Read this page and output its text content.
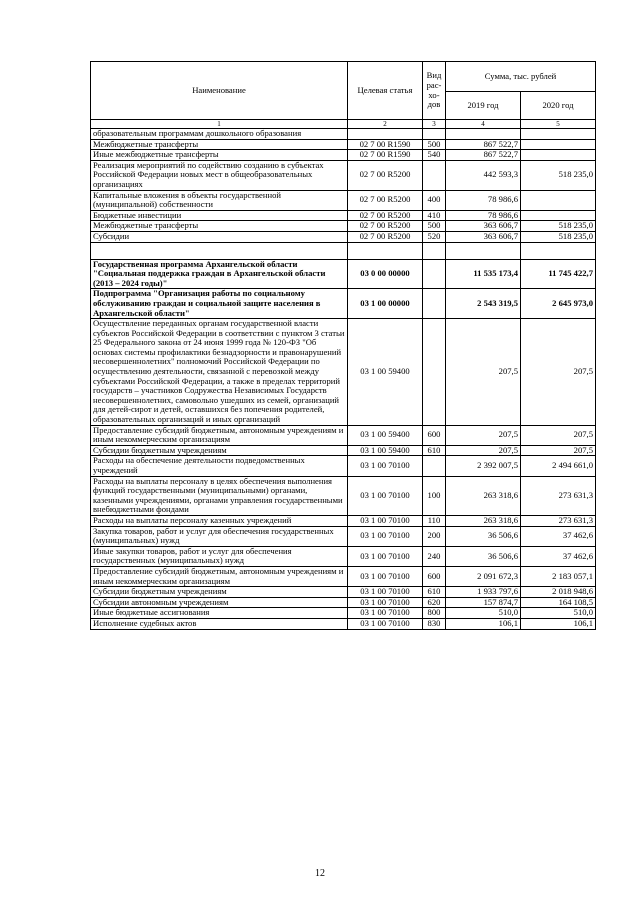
Наименование	Целевая статья	Вид рас-хо-дов	Сумма, тыс. рублей	
			2019 год	2020 год
1	2	3	4	5
образовательным программам дошкольного образования				
Межбюджетные трансферты	02 7 00 R1590	500	867 522,7	
Иные межбюджетные трансферты	02 7 00 R1590	540	867 522,7	
Реализация мероприятий по содействию созданию в субъектах Российской Федерации новых мест в общеобразовательных организациях	02 7 00 R5200		442 593,3	518 235,0
Капитальные вложения в объекты государственной (муниципальной) собственности	02 7 00 R5200	400	78 986,6	
Бюджетные инвестиции	02 7 00 R5200	410	78 986,6	
Межбюджетные трансферты	02 7 00 R5200	500	363 606,7	518 235,0
Субсидии	02 7 00 R5200	520	363 606,7	518 235,0

Государственная программа Архангельской области "Социальная поддержка граждан в Архангельской области (2013 – 2024 годы)"	03 0 00 00000		11 535 173,4	11 745 422,7
Подпрограмма "Организация работы по социальному обслуживанию граждан и социальной защите населения в Архангельской области"	03 1 00 00000		2 543 319,5	2 645 973,0
Осуществление переданных органам государственной власти субъектов Российской Федерации в соответствии с пунктом 3 статьи 25 Федерального закона от 24 июня 1999 года № 120-ФЗ "Об основах системы профилактики безнадзорности и правонарушений несовершеннолетних" полномочий Российской Федерации по осуществлению деятельности, связанной с перевозкой между субъектами Российской Федерации, а также в пределах территорий государств – участников Содружества Независимых Государств несовершеннолетних, самовольно ушедших из семей, организаций для детей-сирот и детей, оставшихся без попечения родителей, образовательных организаций и иных организаций	03 1 00 59400		207,5	207,5
Предоставление субсидий бюджетным, автономным учреждениям и иным некоммерческим организациям	03 1 00 59400	600	207,5	207,5
Субсидии бюджетным учреждениям	03 1 00 59400	610	207,5	207,5
Расходы на обеспечение деятельности подведомственных учреждений	03 1 00 70100		2 392 007,5	2 494 661,0
Расходы на выплаты персоналу в целях обеспечения выполнения функций государственными (муниципальными) органами, казенными учреждениями, органами управления государственными внебюджетными фондами	03 1 00 70100	100	263 318,6	273 631,3
Расходы на выплаты персоналу казенных учреждений	03 1 00 70100	110	263 318,6	273 631,3
Закупка товаров, работ и услуг для обеспечения государственных (муниципальных) нужд	03 1 00 70100	200	36 506,6	37 462,6
Иные закупки товаров, работ и услуг для обеспечения государственных (муниципальных) нужд	03 1 00 70100	240	36 506,6	37 462,6
Предоставление субсидий бюджетным, автономным учреждениям и иным некоммерческим организациям	03 1 00 70100	600	2 091 672,3	2 183 057,1
Субсидии бюджетным учреждениям	03 1 00 70100	610	1 933 797,6	2 018 948,6
Субсидии автономным учреждениям	03 1 00 70100	620	157 874,7	164 108,5
Иные бюджетные ассигнования	03 1 00 70100	800	510,0	510,0
Исполнение судебных актов	03 1 00 70100	830	106,1	106,1
12
